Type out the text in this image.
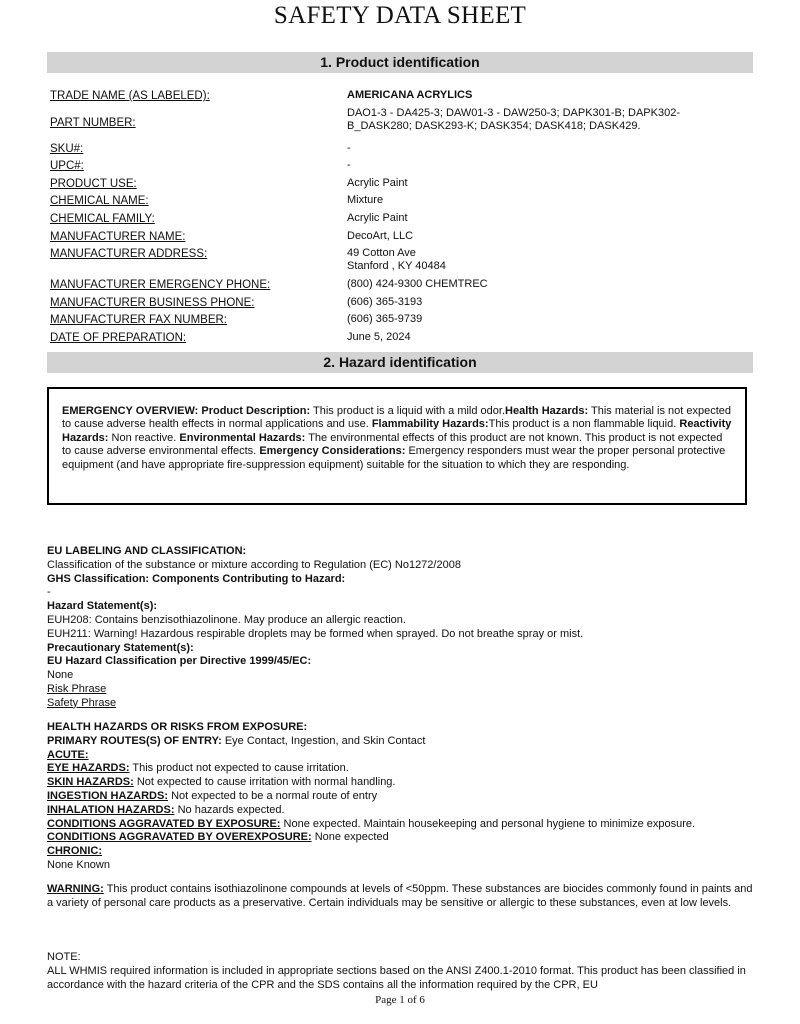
SAFETY DATA SHEET
1. Product identification
TRADE NAME (AS LABELED):	AMERICANA ACRYLICS
PART NUMBER:
DAO1-3 - DA425-3; DAW01-3 - DAW250-3; DAPK301-B; DAPK302-B_DASK280; DASK293-K; DASK354; DASK418; DASK429.
SKU#:	-
UPC#:	-
PRODUCT USE:	Acrylic Paint
CHEMICAL NAME:	Mixture
CHEMICAL FAMILY:	Acrylic Paint
MANUFACTURER NAME:	DecoArt, LLC
MANUFACTURER ADDRESS:	49 Cotton Ave
Stanford , KY 40484
MANUFACTURER EMERGENCY PHONE:	(800) 424-9300 CHEMTREC
MANUFACTURER BUSINESS PHONE:	(606) 365-3193
MANUFACTURER FAX NUMBER:	(606) 365-9739
DATE OF PREPARATION:	June 5, 2024
2. Hazard identification
EMERGENCY OVERVIEW: Product Description: This product is a liquid with a mild odor.Health Hazards: This material is not expected to cause adverse health effects in normal applications and use. Flammability Hazards:This product is a non flammable liquid. Reactivity Hazards: Non reactive. Environmental Hazards: The environmental effects of this product are not known. This product is not expected to cause adverse environmental effects. Emergency Considerations: Emergency responders must wear the proper personal protective equipment (and have appropriate fire-suppression equipment) suitable for the situation to which they are responding.

EU LABELING AND CLASSIFICATION:

Classification of the substance or mixture according to Regulation (EC) No1272/2008

GHS Classification: Components Contributing to Hazard:

-

Hazard Statement(s):

EUH208: Contains benzisothiazolinone. May produce an allergic reaction.

EUH211: Warning! Hazardous respirable droplets may be formed when sprayed. Do not breathe spray or mist.

Precautionary Statement(s):

EU Hazard Classification per Directive 1999/45/EC:

None

Risk Phrase

Safety Phrase

HEALTH HAZARDS OR RISKS FROM EXPOSURE:

PRIMARY ROUTES(S) OF ENTRY: Eye Contact, Ingestion, and Skin Contact

ACUTE:

EYE HAZARDS: This product not expected to cause irritation.

SKIN HAZARDS: Not expected to cause irritation with normal handling.

INGESTION HAZARDS: Not expected to be a normal route of entry

INHALATION HAZARDS: No hazards expected.

CONDITIONS AGGRAVATED BY EXPOSURE: None expected. Maintain housekeeping and personal hygiene to minimize exposure.

CONDITIONS AGGRAVATED BY OVEREXPOSURE: None expected

CHRONIC:

None Known

WARNING: This product contains isothiazolinone compounds at levels of <50ppm. These substances are biocides commonly found in paints and a variety of personal care products as a preservative. Certain individuals may be sensitive or allergic to these substances, even at low levels.

NOTE:

ALL WHMIS required information is included in appropriate sections based on the ANSI Z400.1-2010 format. This product has been classified in accordance with the hazard criteria of the CPR and the SDS contains all the information required by the CPR, EU

Page 1 of 6
